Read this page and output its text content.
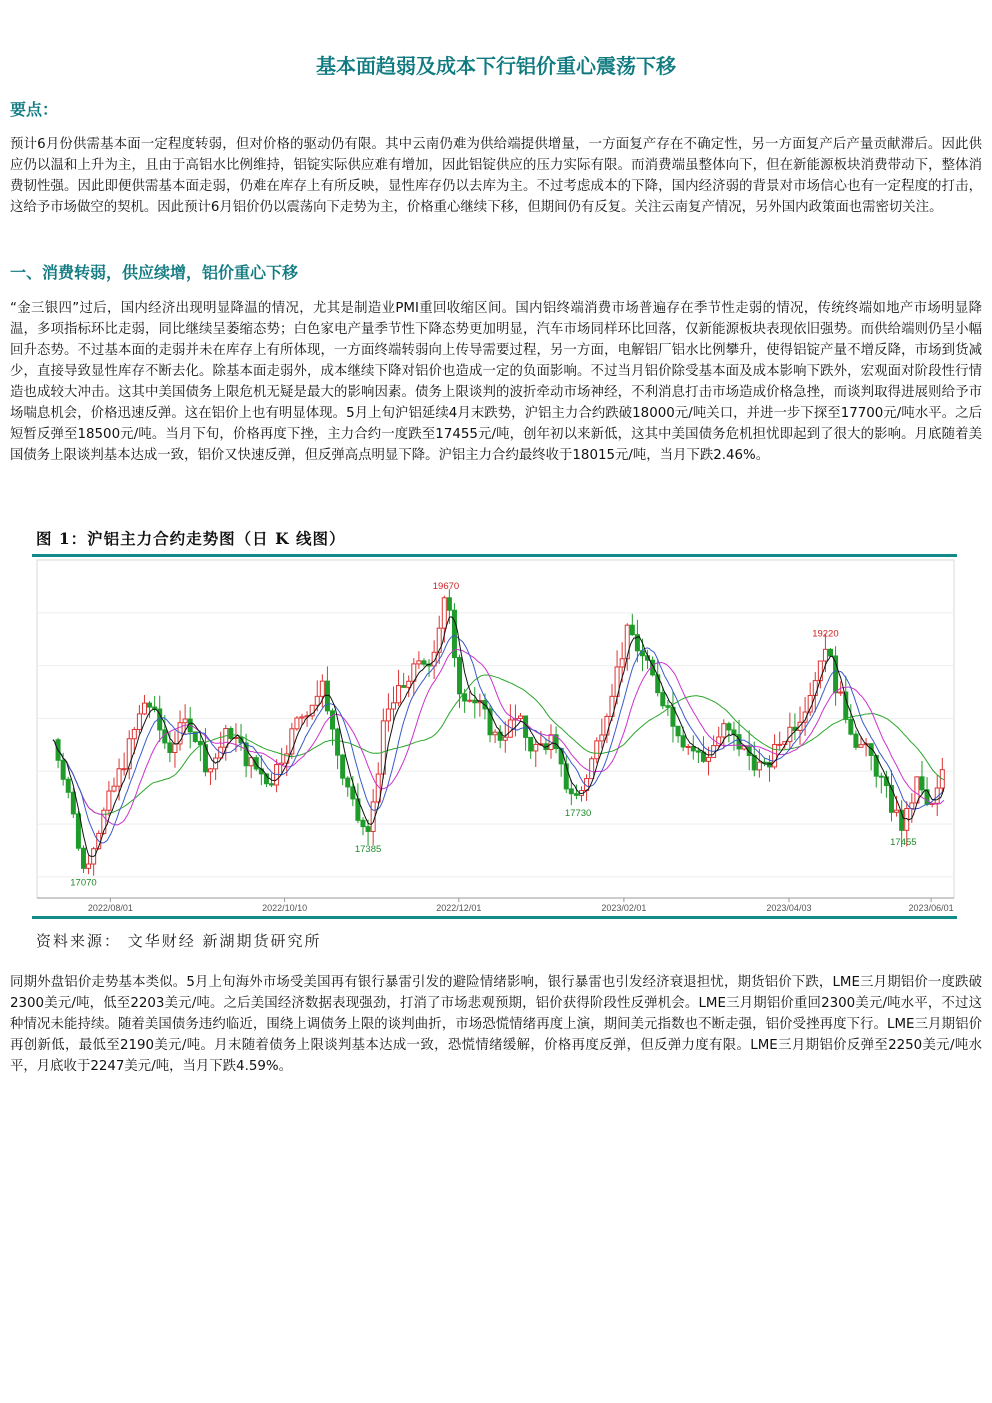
基本面趋弱及成本下行铝价重心震荡下移
要点：
预计6月份供需基本面一定程度转弱，但对价格的驱动仍有限。其中云南仍难为供给端提供增量，一方面复产存在不确定性，另一方面复产后产量贡献滞后。因此供应仍以温和上升为主，且由于高铝水比例维持，铝锭实际供应难有增加，因此铝锭供应的压力实际有限。而消费端虽整体向下，但在新能源板块消费带动下，整体消费韧性强。因此即便供需基本面走弱，仍难在库存上有所反映，显性库存仍以去库为主。不过考虑成本的下降，国内经济弱的背景对市场信心也有一定程度的打击，这给予市场做空的契机。因此预计6月铝价仍以震荡向下走势为主，价格重心继续下移，但期间仍有反复。关注云南复产情况，另外国内政策面也需密切关注。
一、消费转弱，供应续增，铝价重心下移
“金三银四”过后，国内经济出现明显降温的情况，尤其是制造业PMI重回收缩区间。国内铝终端消费市场普遍存在季节性走弱的情况，传统终端如地产市场明显降温，多项指标环比走弱，同比继续呈萎缩态势；白色家电产量季节性下降态势更加明显，汽车市场同样环比回落，仅新能源板块表现依旧强势。而供给端则仍呈小幅回升态势。不过基本面的走弱并未在库存上有所体现，一方面终端转弱向上传导需要过程，另一方面，电解铝厂铝水比例攀升，使得铝锭产量不增反降，市场到货减少，直接导致显性库存不断去化。除基本面走弱外，成本继续下降对铝价也造成一定的负面影响。不过当月铝价除受基本面及成本影响下跌外，宏观面对阶段性行情造也成较大冲击。这其中美国债务上限危机无疑是最大的影响因素。债务上限谈判的波折牵动市场神经，不利消息打击市场造成价格急挫，而谈判取得进展则给予市场喘息机会，价格迅速反弹。这在铝价上也有明显体现。5月上旬沪铝延续4月末跌势，沪铝主力合约跌破18000元/吨关口，并进一步下探至17700元/吨水平。之后短暂反弹至18500元/吨。当月下旬，价格再度下挫，主力合约一度跌至17455元/吨，创年初以来新低，这其中美国债务危机担忧即起到了很大的影响。月底随着美国债务上限谈判基本达成一致，铝价又快速反弹，但反弹高点明显下降。沪铝主力合约最终收于18015元/吨，当月下跌2.46%。
图 1：沪铝主力合约走势图（日 K 线图）
17070
17385
19670
17730
19220
17455
2022/08/01	2022/10/10	2022/12/01	2023/02/01	2023/04/03	2023/06/01
资料来源： 文华财经 新湖期货研究所
同期外盘铝价走势基本类似。5月上旬海外市场受美国再有银行暴雷引发的避险情绪影响，银行暴雷也引发经济衰退担忧，期货铝价下跌，LME三月期铝价一度跌破2300美元/吨，低至2203美元/吨。之后美国经济数据表现强劲，打消了市场悲观预期，铝价获得阶段性反弹机会。LME三月期铝价重回2300美元/吨水平，不过这种情况未能持续。随着美国债务违约临近，围绕上调债务上限的谈判曲折，市场恐慌情绪再度上演，期间美元指数也不断走强，铝价受挫再度下行。LME三月期铝价再创新低，最低至2190美元/吨。月末随着债务上限谈判基本达成一致，恐慌情绪缓解，价格再度反弹，但反弹力度有限。LME三月期铝价反弹至2250美元/吨水平，月底收于2247美元/吨，当月下跌4.59%。
